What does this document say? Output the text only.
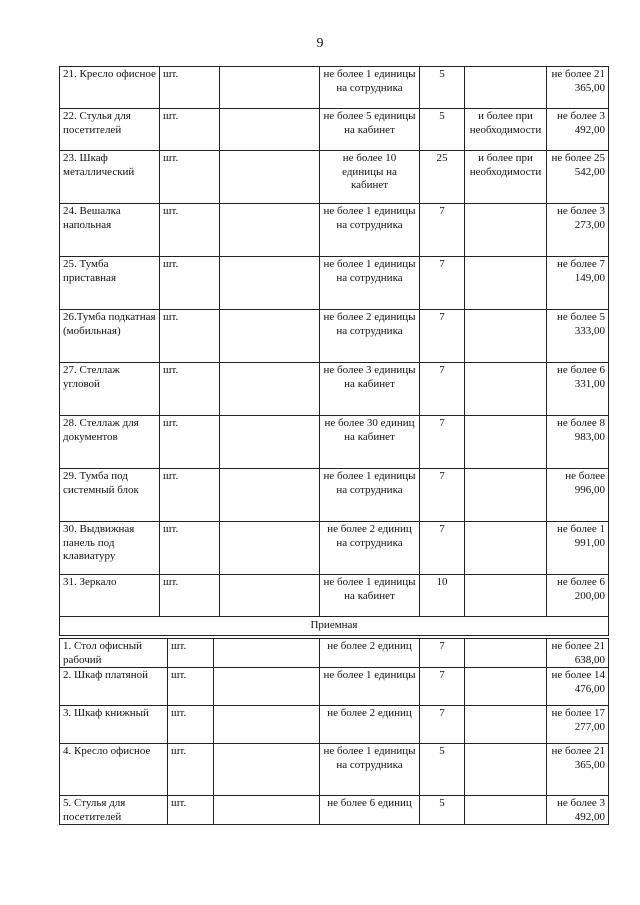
9
21. Кресло офисное	шт.		не более 1 единицы на сотрудника	5		не более 21 365,00
22. Стулья для посетителей	шт.		не более 5 единицы на кабинет	5	и более при необходимости	не более 3 492,00
23. Шкаф металлический	шт.		не более 10 единицы на кабинет	25	и более при необходимости	не более 25 542,00
24. Вешалка напольная	шт.		не более 1 единицы на сотрудника	7		не более 3 273,00
25. Тумба приставная	шт.		не более 1 единицы на сотрудника	7		не более 7 149,00
26.Тумба подкатная (мобильная)	шт.		не более 2 единицы на сотрудника	7		не более 5 333,00
27. Стеллаж угловой	шт.		не более 3 единицы на кабинет	7		не более 6 331,00
28. Стеллаж для документов	шт.		не более 30 единиц на кабинет	7		не более 8 983,00
29. Тумба под системный блок	шт.		не более 1 единицы на сотрудника	7		не более 996,00
30. Выдвижная панель под клавиатуру	шт.		не более 2 единиц на сотрудника	7		не более 1 991,00
31. Зеркало	шт.		не более 1 единицы на кабинет	10		не более 6 200,00
Приемная						
1. Стол офисный рабочий	шт.		не более 2 единиц	7		не более 21 638,00
2. Шкаф платяной	шт.		не более 1 единицы	7		не более 14 476,00
3. Шкаф книжный	шт.		не более 2 единиц	7		не более 17 277,00
4. Кресло офисное	шт.		не более 1 единицы на сотрудника	5		не более 21 365,00
5. Стулья для посетителей	шт.		не более 6 единиц	5		не более 3 492,00
